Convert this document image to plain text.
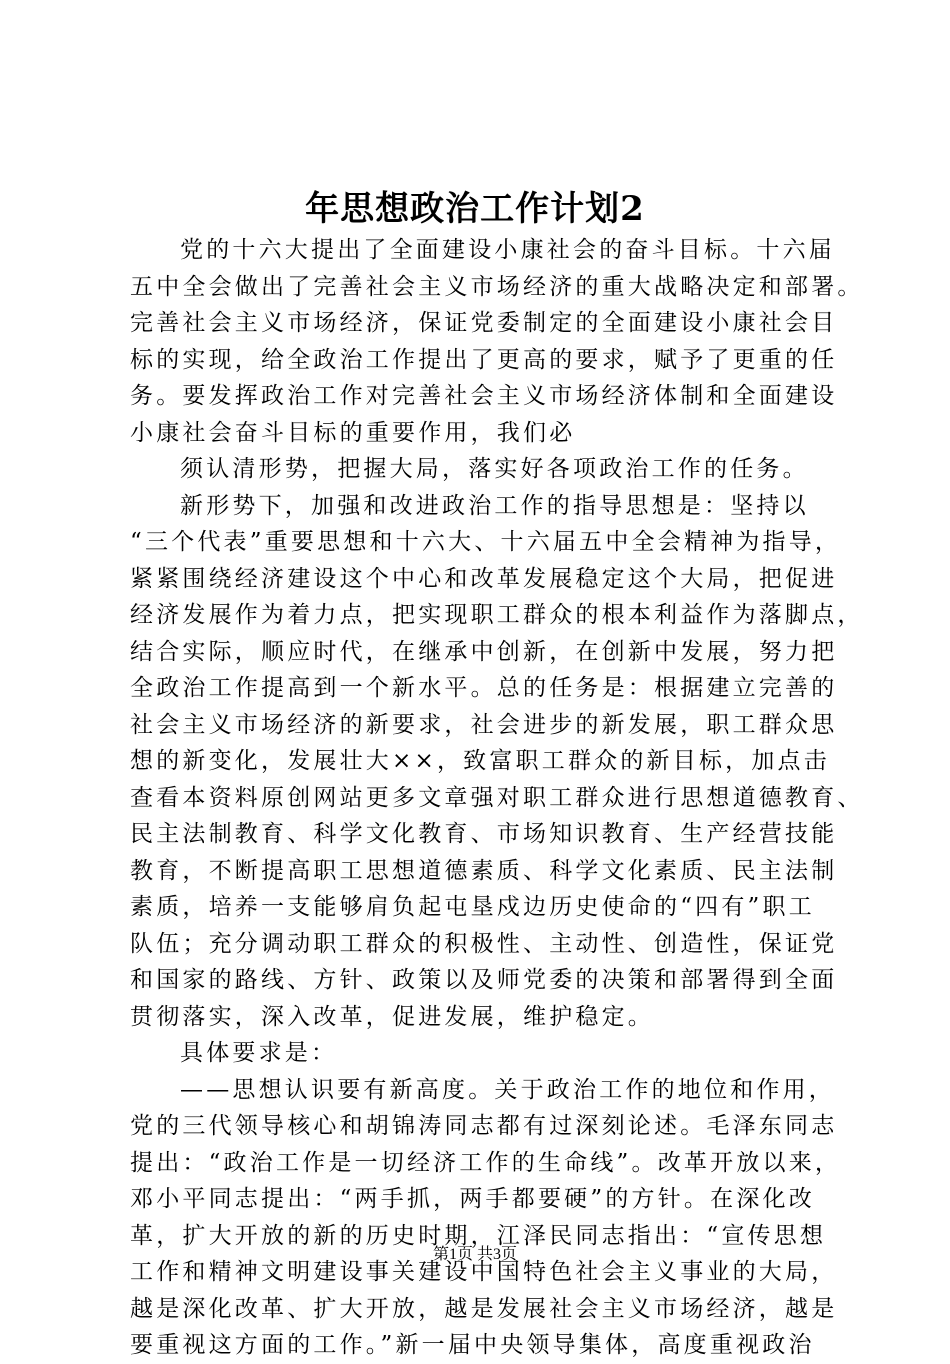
年思想政治工作计划2
党的十六大提出了全面建设小康社会的奋斗目标。十六届
五中全会做出了完善社会主义市场经济的重大战略决定和部署。
完善社会主义市场经济，保证党委制定的全面建设小康社会目
标的实现，给全政治工作提出了更高的要求，赋予了更重的任
务。要发挥政治工作对完善社会主义市场经济体制和全面建设
小康社会奋斗目标的重要作用，我们必
须认清形势，把握大局，落实好各项政治工作的任务。
新形势下，加强和改进政治工作的指导思想是：坚持以
“三个代表”重要思想和十六大、十六届五中全会精神为指导，
紧紧围绕经济建设这个中心和改革发展稳定这个大局，把促进
经济发展作为着力点，把实现职工群众的根本利益作为落脚点，
结合实际，顺应时代，在继承中创新，在创新中发展，努力把
全政治工作提高到一个新水平。总的任务是：根据建立完善的
社会主义市场经济的新要求，社会进步的新发展，职工群众思
想的新变化，发展壮大××，致富职工群众的新目标，加点击
查看本资料原创网站更多文章强对职工群众进行思想道德教育、
民主法制教育、科学文化教育、市场知识教育、生产经营技能
教育，不断提高职工思想道德素质、科学文化素质、民主法制
素质，培养一支能够肩负起屯垦戍边历史使命的“四有”职工
队伍；充分调动职工群众的积极性、主动性、创造性，保证党
和国家的路线、方针、政策以及师党委的决策和部署得到全面
贯彻落实，深入改革，促进发展，维护稳定。
具体要求是：
——思想认识要有新高度。关于政治工作的地位和作用，
党的三代领导核心和胡锦涛同志都有过深刻论述。毛泽东同志
提出：“政治工作是一切经济工作的生命线”。改革开放以来，
邓小平同志提出：“两手抓，两手都要硬”的方针。在深化改
革，扩大开放的新的历史时期，江泽民同志指出：“宣传思想
工作和精神文明建设事关建设中国特色社会主义事业的大局，
越是深化改革、扩大开放，越是发展社会主义市场经济，越是
要重视这方面的工作。”新一届中央领导集体，高度重视政治
第1页 共3页
